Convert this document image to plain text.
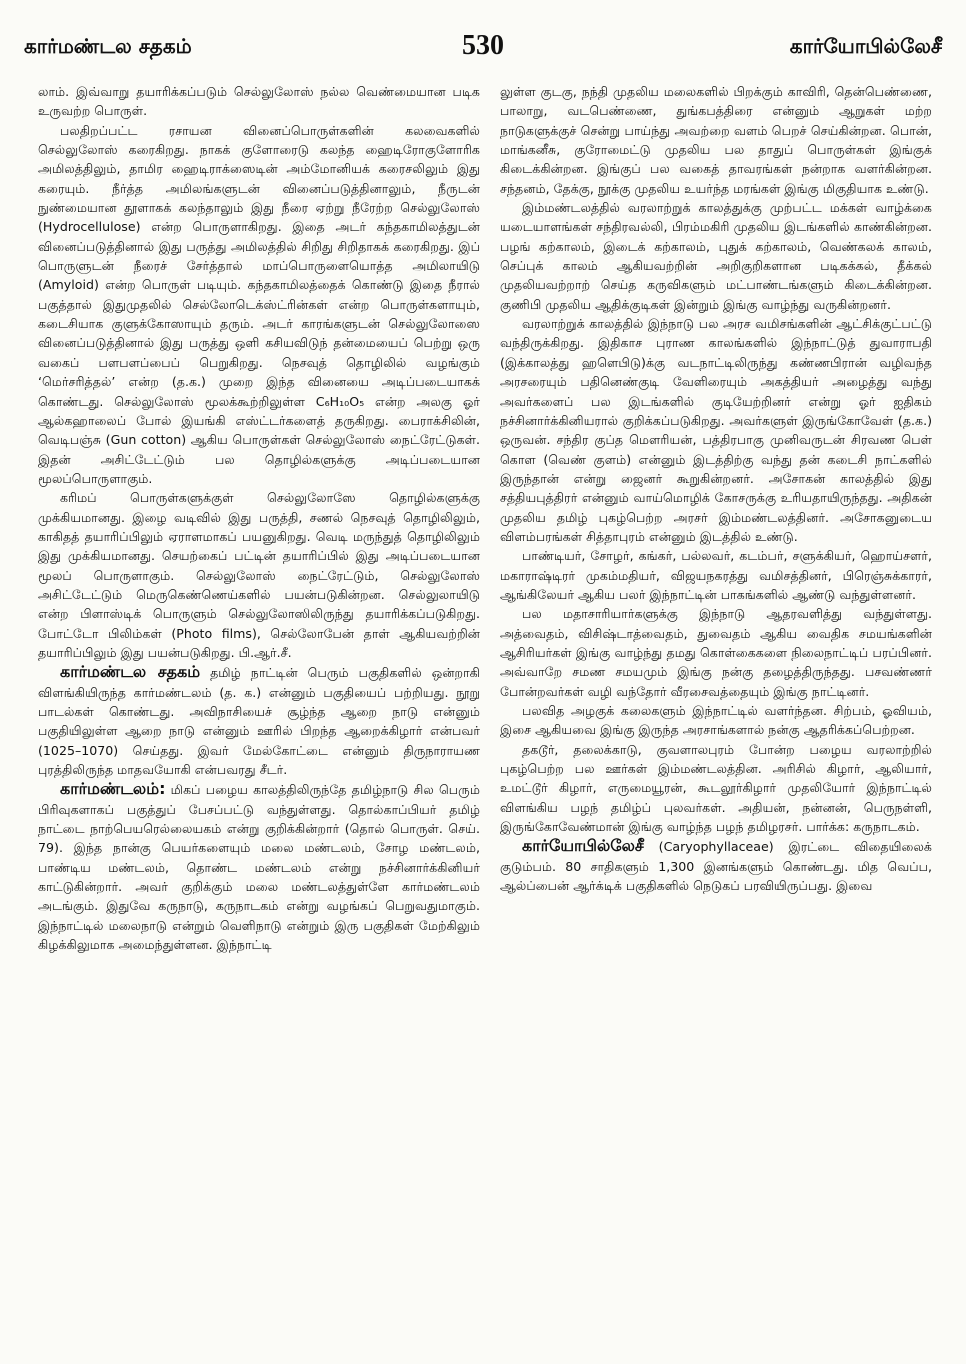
கார்மண்டல சதகம்	530	கார்யோபில்லேசீ

லாம். இவ்வாறு தயாரிக்கப்படும் செல்லுலோஸ் நல்ல வெண்மையான படிக உருவற்ற பொருள்.

பலதிறப்பட்ட ரசாயன வினைப்பொருள்களின் கலவைகளில் செல்லுலோஸ் கரைகிறது. நாகக் குளோரைடு கலந்த ஹைடிரோகுளோரிக அமிலத்திலும், தாமிர ஹைடிராக்ஸைடின் அம்மோனியக் கரைசலிலும் இது கரையும். நீர்த்த அமிலங்களுடன் வினைப்படுத்தினாலும், நீருடன் நுண்மையான தூளாகக் கலந்தாலும் இது நீரை ஏற்று நீரேற்ற செல்லுலோஸ் (Hydrocellulose) என்ற பொருளாகிறது. இதை அடர் கந்தகாமிலத்துடன் வினைப்படுத்தினால் இது பருத்து அமிலத்தில் சிறிது சிறிதாகக் கரைகிறது. இப் பொருளுடன் நீரைச் சேர்த்தால் மாப்பொருளையொத்த அமிலாயிடு (Amyloid) என்ற பொருள் படியும். கந்தகாமிலத்தைக் கொண்டு இதை நீரால் பகுத்தால் இதுமுதலில் செல்லோடெக்ஸ்ட்ரின்கள் என்ற பொருள்களாயும், கடைசியாக குளுக்கோஸாயும் தரும். அடர் காரங்களுடன் செல்லுலோஸை வினைப்படுத்தினால் இது பருத்து ஒளி கசியவிடுந் தன்மையைப் பெற்று ஒரு வகைப் பளபளப்பைப் பெறுகிறது. நெசவுத் தொழிலில் வழங்கும் ‘மெர்சரித்தல்’ என்ற (த.க.) முறை இந்த வினையை அடிப்படையாகக் கொண்டது. செல்லுலோஸ் மூலக்கூற்றிலுள்ள C₆H₁₀O₅ என்ற அலகு ஓர் ஆல்கஹாலைப் போல் இயங்கி எஸ்ட்டர்களைத் தருகிறது. பைராக்சிலின், வெடிபஞ்சு (Gun cotton) ஆகிய பொருள்கள் செல்லுலோஸ் நைட்ரேட்டுகள். இதன் அசிட்டேட்டும் பல தொழில்களுக்கு அடிப்படையான மூலப்பொருளாகும்.

கரிமப் பொருள்களுக்குள் செல்லுலோஸே தொழில்களுக்கு முக்கியமானது. இழை வடிவில் இது பருத்தி, சணல் நெசவுத் தொழிலிலும், காகிதத் தயாரிப்பிலும் ஏராளமாகப் பயனுகிறது. வெடி மருந்துத் தொழிலிலும் இது முக்கியமானது. செயற்கைப் பட்டின் தயாரிப்பில் இது அடிப்படையான மூலப் பொருளாகும். செல்லுலோஸ் நைட்ரேட்டும், செல்லுலோஸ் அசிட்டேட்டும் மெருகெண்ணெய்களில் பயன்படுகின்றன. செல்லுலாயிடு என்ற பிளாஸ்டிக் பொருளும் செல்லுலோஸிலிருந்து தயாரிக்கப்படுகிறது. போட்டோ பிலிம்கள் (Photo films), செல்லோபேன் தாள் ஆகியவற்றின் தயாரிப்பிலும் இது பயன்படுகிறது. பி.ஆர்.சீ.

கார்மண்டல சதகம் தமிழ் நாட்டின் பெரும் பகுதிகளில் ஒன்றாகி விளங்கியிருந்த கார்மண்டலம் (த. க.) என்னும் பகுதியைப் பற்றியது. நூறு பாடல்கள் கொண்டது. அவிநாசியைச் சூழ்ந்த ஆறை நாடு என்னும் பகுதியிலுள்ள ஆறை நாடு என்னும் ஊரில் பிறந்த ஆறைக்கிழார் என்பவர் (1025–1070) செய்தது. இவர் மேல்கோட்டை என்னும் திருநாராயண புரத்திலிருந்த மாதவயோகி என்பவரது சீடர்.

கார்மண்டலம்: மிகப் பழைய காலத்திலிருந்தே தமிழ்நாடு சில பெரும் பிரிவுகளாகப் பகுத்துப் பேசப்பட்டு வந்துள்ளது. தொல்காப்பியர் தமிழ் நாட்டை நாற்பெயரெல்லையகம் என்று குறிக்கின்றார் (தொல் பொருள். செய். 79). இந்த நான்கு பெயர்களையும் மலை மண்டலம், சோழ மண்டலம், பாண்டிய மண்டலம், தொண்ட மண்டலம் என்று நச்சினார்க்கினியர் காட்டுகின்றார். அவர் குறிக்கும் மலை மண்டலத்துள்ளே கார்மண்டலம் அடங்கும். இதுவே கருநாடு, கருநாடகம் என்று வழங்கப் பெறுவதுமாகும். இந்நாட்டில் மலைநாடு என்றும் வெளிநாடு என்றும் இரு பகுதிகள் மேற்கிலும் கிழக்கிலுமாக அமைந்துள்ளன. இந்நாட்டி

லுள்ள குடகு, நந்தி முதலிய மலைகளில் பிறக்கும் காவிரி, தென்பெண்ணை, பாலாறு, வடபெண்ணை, துங்கபத்திரை என்னும் ஆறுகள் மற்ற நாடுகளுக்குச் சென்று பாய்ந்து அவற்றை வளம் பெறச் செய்கின்றன. பொன், மாங்கனீசு, குரோமைட்டு முதலிய பல தாதுப் பொருள்கள் இங்குக் கிடைக்கின்றன. இங்குப் பல வகைத் தாவரங்கள் நன்றாக வளர்கின்றன. சந்தனம், தேக்கு, நூக்கு முதலிய உயர்ந்த மரங்கள் இங்கு மிகுதியாக உண்டு.

இம்மண்டலத்தில் வரலாற்றுக் காலத்துக்கு முற்பட்ட மக்கள் வாழ்க்கை யடையாளங்கள் சந்திரவல்லி, பிரம்மகிரி முதலிய இடங்களில் காண்கின்றன. பழங் கற்காலம், இடைக் கற்காலம், புதுக் கற்காலம், வெண்கலக் காலம், செப்புக் காலம் ஆகியவற்றின் அறிகுறிகளான படிகக்கல், தீக்கல் முதலியவற்றாற் செய்த கருவிகளும் மட்பாண்டங்களும் கிடைக்கின்றன. குணிபி முதலிய ஆதிக்குடிகள் இன்றும் இங்கு வாழ்ந்து வருகின்றனர்.

வரலாற்றுக் காலத்தில் இந்நாடு பல அரச வமிசங்களின் ஆட்சிக்குட்பட்டு வந்திருக்கிறது. இதிகாச புராண காலங்களில் இந்நாட்டுத் துவாராபதி (இக்காலத்து ஹளெபிடு)க்கு வடநாட்டிலிருந்து கண்ணபிரான் வழிவந்த அரசரையும் பதினெண்குடி வேளிரையும் அகத்தியர் அழைத்து வந்து அவர்களைப் பல இடங்களில் குடியேற்றினர் என்று ஓர் ஐதிகம் நச்சினார்க்கினியரால் குறிக்கப்படுகிறது. அவர்களுள் இருங்கோவேள் (த.க.) ஒருவன். சந்திர குப்த மௌரியன், பத்திரபாகு முனிவருடன் சிரவண பெள் கொள (வெண் குளம்) என்னும் இடத்திற்கு வந்து தன் கடைசி நாட்களில் இருந்தான் என்று ஜைனர் கூறுகின்றனர். அசோகன் காலத்தில் இது சத்தியபுத்திரர் என்னும் வாய்மொழிக் கோசருக்கு உரியதாயிருந்தது. அதிகன் முதலிய தமிழ் புகழ்பெற்ற அரசர் இம்மண்டலத்தினர். அசோகனுடைய விளம்பரங்கள் சித்தாபுரம் என்னும் இடத்தில் உண்டு.

பாண்டியர், சோழர், கங்கர், பல்லவர், கடம்பர், சளுக்கியர், ஹொய்சளர், மகாராஷ்டிரர் முகம்மதியர், விஜயநகரத்து வமிசத்தினர், பிரெஞ்சுக்காரர், ஆங்கிலேயர் ஆகிய பலர் இந்நாட்டின் பாகங்களில் ஆண்டு வந்துள்ளனர்.

பல மதாசாரியார்களுக்கு இந்நாடு ஆதரவளித்து வந்துள்ளது. அத்வைதம், விசிஷ்டாத்வைதம், துவைதம் ஆகிய வைதிக சமயங்களின் ஆசிரியர்கள் இங்கு வாழ்ந்து தமது கொள்கைகளை நிலைநாட்டிப் பரப்பினர். அவ்வாறே சமண சமயமும் இங்கு நன்கு தழைத்திருந்தது. பசவண்ணர் போன்றவர்கள் வழி வந்தோர் வீரசைவத்தையும் இங்கு நாட்டினர்.

பலவித அழகுக் கலைகளும் இந்நாட்டில் வளர்ந்தன. சிற்பம், ஓவியம், இசை ஆகியவை இங்கு இருந்த அரசாங்களால் நன்கு ஆதரிக்கப்பெற்றன.

தகடூர், தலைக்காடு, குவளாலபுரம் போன்ற பழைய வரலாற்றில் புகழ்பெற்ற பல ஊர்கள் இம்மண்டலத்தின. அரிசில் கிழார், ஆலியார், உமட்டூர் கிழார், எருமையூரன், கூடலூர்கிழார் முதலியோர் இந்நாட்டில் விளங்கிய பழந் தமிழ்ப் புலவர்கள். அதியன், நன்னன், பெருநள்ளி, இருங்கோவேண்மான் இங்கு வாழ்ந்த பழந் தமிழரசர். பார்க்க: கருநாடகம்.

கார்யோபில்லேசீ (Caryophyllaceae) இரட்டை விதையிலைக் குடும்பம். 80 சாதிகளும் 1,300 இனங்களும் கொண்டது. மித வெப்ப, ஆல்ப்பைன் ஆர்க்டிக் பகுதிகளில் நெடுகப் பரவியிருப்பது. இவை
